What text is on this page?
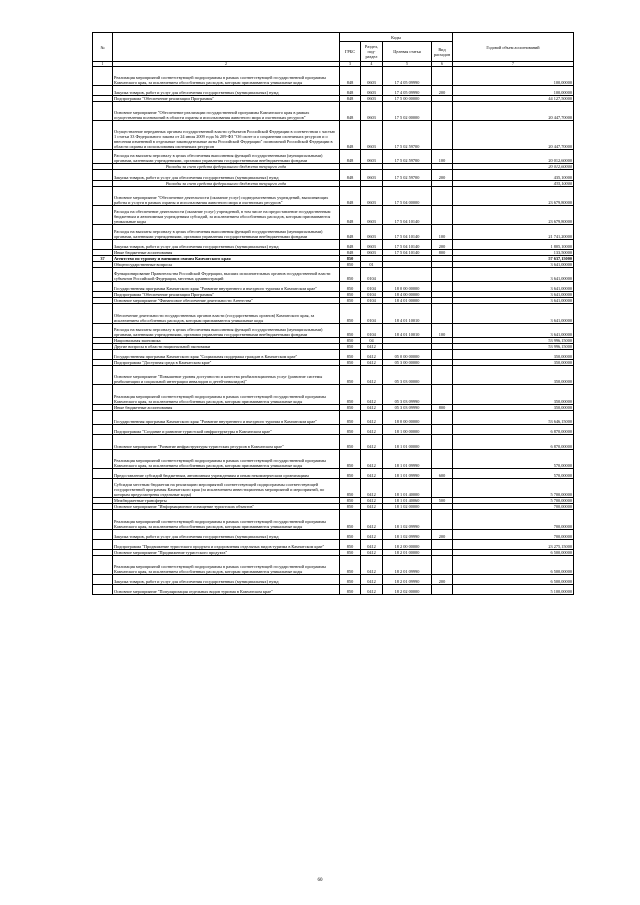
№		Коды				Годовой объем ассигнований
		ГРБС	Раздел, под- раздел	Целевая статья	Вид расходов	
1	2	3	4	5	6	7
	Реализация мероприятий соответствующей подпрограммы в рамках соответствующей государственной программы Камчатского края, за исключением обособленных расходов, которым присваиваются уникальные коды	848	0603	17 4 05 09990		100,00000
	Закупка товаров, работ и услуг для обеспечения государственных (муниципальных) нужд	848	0603	17 4 05 09990	200	100,00000
	Подпрограмма "Обеспечение реализации Программы"	848	0603	17 5 00 00000		44 127,50000
	Основное мероприятие "Обеспечение реализации государственной программы Камчатского края в рамках осуществления полномочий в области охраны и использования животного мира и охотничьих ресурсов"	848	0603	17 5 02 00000		20 447,70000
	Осуществление переданных органам государственной власти субъектов Российской Федерации в соответствии с частью 1 статьи 33 Федерального закона от 24 июля 2009 года № 209-ФЗ "Об охоте и о сохранении охотничьих ресурсов и о внесении изменений в отдельные законодательные акты Российской Федерации" полномочий Российской Федерации в области охраны и использования охотничьих ресурсов	848	0603	17 5 02 59700		20 447,70000
	Расходы на выплаты персоналу в целях обеспечения выполнения функций государственными (муниципальными) органами, казенными учреждениями, органами управления государственными внебюджетными фондами	848	0603	17 5 02 59700	100	20 012,60000
	Расходы за счет средств федерального бюджета текущего года					20 012,60000
	Закупка товаров, работ и услуг для обеспечения государственных (муниципальных) нужд	848	0603	17 5 02 59700	200	435,10000
	Расходы за счет средств федерального бюджета текущего года					435,10000
	Основное мероприятие "Обеспечение деятельности (оказание услуг) подведомственных учреждений, выполняющих работы и услуги в рамках охраны и использования животного мира и охотничьих ресурсов"	848	0603	17 5 04 00000		23 679,80000
	Расходы на обеспечение деятельности (оказание услуг) учреждений, в том числе на предоставление государственным бюджетным и автономным учреждениям субсидий, за исключением обособленных расходов, которым присваиваются уникальные коды	848	0603	17 5 04 10140		23 679,80000
	Расходы на выплаты персоналу в целях обеспечения выполнения функций государственными (муниципальными) органами, казенными учреждениями, органами управления государственными внебюджетными фондами	848	0603	17 5 04 10140	100	21 741,20000
	Закупка товаров, работ и услуг для обеспечения государственных (муниципальных) нужд	848	0603	17 5 04 10140	200	1 805,10000
	Иные бюджетные ассигнования	848	0603	17 5 04 10140	800	133,50000
37	Агентство по туризму и внешним связям Камчатского края	850				57 637,15000
	Общегосударственные вопросы	850	01			3 641,00000
	Функционирование Правительства Российской Федерации, высших исполнительных органов государственной власти субъектов Российской Федерации, местных администраций	850	0104			3 641,00000
	Государственная программа Камчатского края "Развитие внутреннего и въездного туризма в Камчатском крае"	850	0104	18 0 00 00000		3 641,00000
	Подпрограмма "Обеспечение реализации Программы"	850	0104	18 4 00 00000		3 641,00000
	Основное мероприятие "Финансовое обеспечение деятельности Агентства"	850	0104	18 4 01 00000		3 641,00000
	Обеспечение деятельности государственных органов власти (государственных органов) Камчатского края, за исключением обособленных расходов, которым присваиваются уникальные коды	850	0104	18 4 01 10010		3 641,00000
	Расходы на выплаты персоналу в целях обеспечения выполнения функций государственными (муниципальными) органами, казенными учреждениями, органами управления государственными внебюджетными фондами	850	0104	18 4 01 10010	100	3 641,00000
	Национальная экономика	850	04			53 996,15000
	Другие вопросы в области национальной экономики	850	0412			53 996,15000
	Государственная программа Камчатского края "Социальная поддержка граждан в Камчатском крае"	850	0412	05 0 00 00000		350,00000
	Подпрограмма "Доступная среда в Камчатском крае"	850	0412	05 3 00 00000		350,00000
	Основное мероприятие "Повышение уровня доступности и качества реабилитационных услуг (развитие системы реабилитации и социальной интеграции инвалидов и детей-инвалидов)"	850	0412	05 3 03 00000		350,00000
	Реализация мероприятий соответствующей подпрограммы в рамках соответствующей государственной программы Камчатского края, за исключением обособленных расходов, которым присваиваются уникальные коды	850	0412	05 3 03 09990		350,00000
	Иные бюджетные ассигнования	850	0412	05 3 03 09990	800	350,00000
	Государственная программа Камчатского края "Развитие внутреннего и въездного туризма в Камчатском крае"	850	0412	18 0 00 00000		53 646,15000
	Подпрограмма "Создание и развитие туристской инфраструктуры в Камчатском крае"	850	0412	18 1 00 00000		6 870,00000
	Основное мероприятие "Развитие инфраструктуры туристских ресурсов в Камчатском крае"	850	0412	18 1 01 00000		6 870,00000
	Реализация мероприятий соответствующей подпрограммы в рамках соответствующей государственной программы Камчатского края, за исключением обособленных расходов, которым присваиваются уникальные коды	850	0412	18 1 01 09990		570,00000
	Предоставление субсидий бюджетным, автономным учреждениям и иным некоммерческим организациям	850	0412	18 1 01 09990	600	570,00000
	Субсидии местным бюджетам на реализацию мероприятий соответствующей подпрограммы соответствующей государственной программы Камчатского края (за исключением инвестиционных мероприятий и мероприятий, по которым предусмотрены отдельные коды)	850	0412	18 1 01 40000		5 700,00000
	Межбюджетные трансферты	850	0412	18 1 01 40060	500	5 700,00000
	Основное мероприятие "Информационное оснащение туристских объектов"	850	0412	18 1 02 00000		700,00000
	Реализация мероприятий соответствующей подпрограммы в рамках соответствующей государственной программы Камчатского края, за исключением обособленных расходов, которым присваиваются уникальные коды	850	0412	18 1 02 09990		700,00000
	Закупка товаров, работ и услуг для обеспечения государственных (муниципальных) нужд	850	0412	18 1 02 09990	200	700,00000
	Подпрограмма "Продвижение туристского продукта и оздоровления отдельных видов туризма в Камчатском крае"	850	0412	18 2 00 00000		23 275,15000
	Основное мероприятие "Продвижение туристского продукта"	850	0412	18 2 01 00000		6 500,00000
	Реализация мероприятий соответствующей подпрограммы в рамках соответствующей государственной программы Камчатского края, за исключением обособленных расходов, которым присваиваются уникальные коды	850	0412	18 2 01 09990		6 500,00000
	Закупка товаров, работ и услуг для обеспечения государственных (муниципальных) нужд	850	0412	18 2 01 09990	200	6 500,00000
	Основное мероприятие "Популяризация отдельных видов туризма в Камчатском крае"	850	0412	18 2 02 00000		5 100,00000
60
